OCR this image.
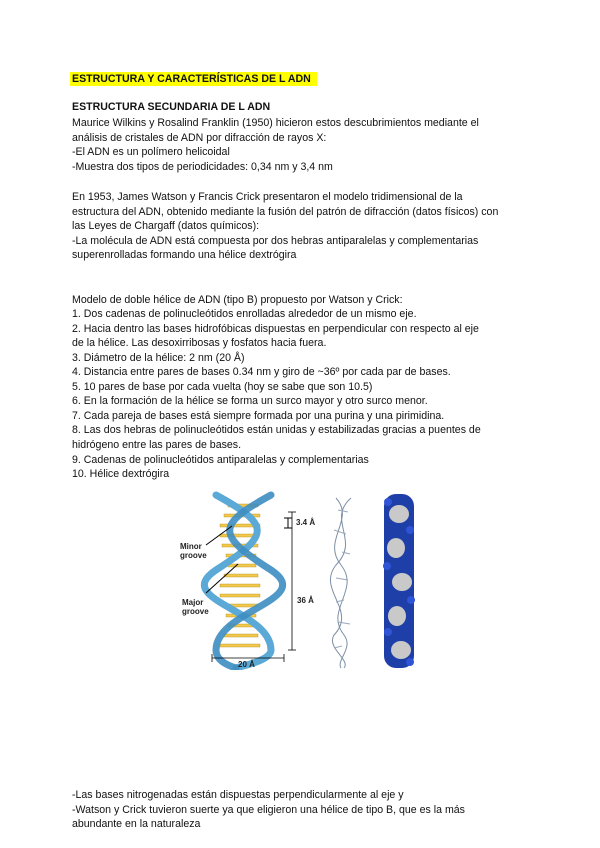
ESTRUCTURA Y CARACTERÍSTICAS DE L ADN
ESTRUCTURA SECUNDARIA DE L ADN
Maurice Wilkins y Rosalind Franklin (1950) hicieron estos descubrimientos mediante el
análisis de cristales de ADN por difracción de rayos X:
-El ADN es un polímero helicoidal
-Muestra dos tipos de periodicidades: 0,34 nm y 3,4 nm
En 1953, James Watson y Francis Crick presentaron el modelo tridimensional de la
estructura del ADN, obtenido mediante la fusión del patrón de difracción (datos físicos) con
las Leyes de Chargaff (datos químicos):
-La molécula de ADN está compuesta por dos hebras antiparalelas y complementarias
superenrolladas formando una hélice dextrógira
Modelo de doble hélice de ADN (tipo B) propuesto por Watson y Crick:
1. Dos cadenas de polinucleótidos enrolladas alrededor de un mismo eje.
2. Hacia dentro las bases hidrofóbicas dispuestas en perpendicular con respecto al eje
de la hélice. Las desoxirribosas y fosfatos hacia fuera.
3. Diámetro de la hélice: 2 nm (20 Å)
4. Distancia entre pares de bases 0.34 nm y giro de ~36º por cada par de bases.
5. 10 pares de base por cada vuelta (hoy se sabe que son 10.5)
6. En la formación de la hélice se forma un surco mayor y otro surco menor.
7. Cada pareja de bases está siempre formada por una purina y una pirimidina.
8. Las dos hebras de polinucleótidos están unidas y estabilizadas gracias a puentes de
hidrógeno entre las pares de bases.
9. Cadenas de polinucleótidos antiparalelas y complementarias
10. Hélice dextrógira
Minor
groove
Major
groove
3.4 Å
36 Å
20 Å
-Las bases nitrogenadas están dispuestas perpendicularmente al eje y
-Watson y Crick tuvieron suerte ya que eligieron una hélice de tipo B, que es la más
abundante en la naturaleza
